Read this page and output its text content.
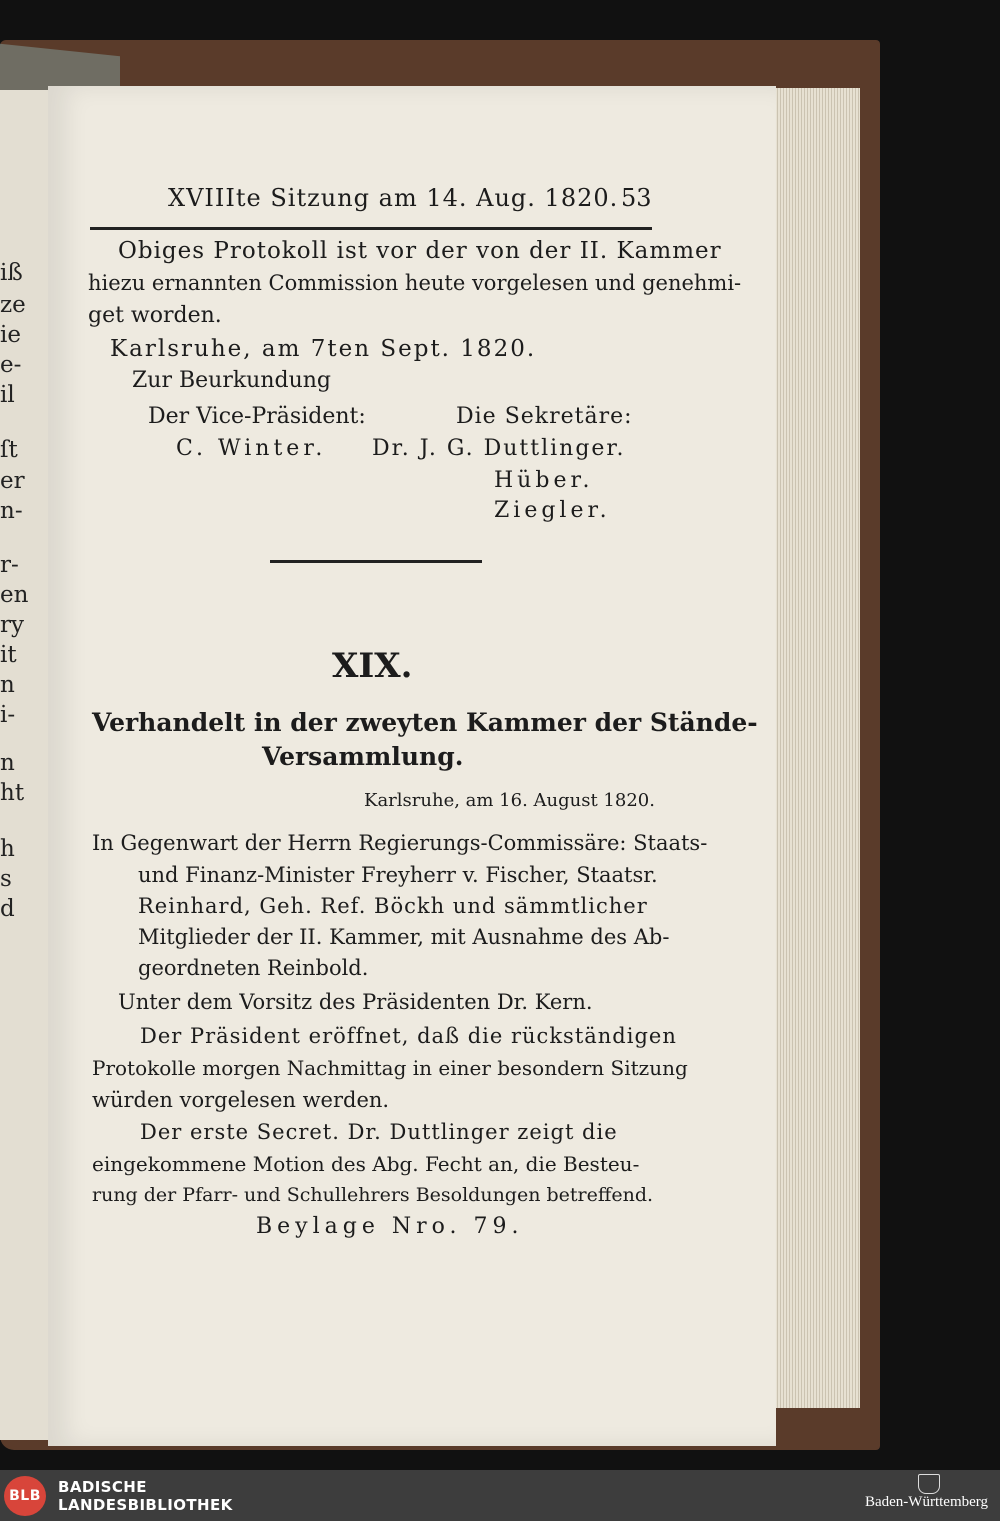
iß
ze
ie
e-
il
ſt
er
n-
r-
en
ry
it
n
i-
n
ht
h
s
d
XVIIIte Sitzung am 14. Aug. 1820. 53
Obiges Protokoll ist vor der von der II. Kammer
hiezu ernannten Commission heute vorgelesen und genehmi-
get worden.
Karlsruhe, am 7ten Sept. 1820.
Zur Beurkundung
Der Vice-Präsident:	Die Sekretäre:
C. Winter. Dr. J. G. Duttlinger.
Hüber.
Ziegler.
XIX.
Verhandelt in der zweyten Kammer der Stände-
Versammlung.
Karlsruhe, am 16. August 1820.
In Gegenwart der Herrn Regierungs-Commissäre: Staats-
und Finanz-Minister Freyherr v. Fischer, Staatsr.
Reinhard, Geh. Ref. Böckh und sämmtlicher
Mitglieder der II. Kammer, mit Ausnahme des Ab-
geordneten Reinbold.
Unter dem Vorsitz des Präsidenten Dr. Kern.
Der Präsident eröffnet, daß die rückständigen
Protokolle morgen Nachmittag in einer besondern Sitzung
würden vorgelesen werden.
Der erste Secret. Dr. Duttlinger zeigt die
eingekommene Motion des Abg. Fecht an, die Besteu-
rung der Pfarr- und Schullehrers Besoldungen betreffend.
Beylage Nro. 79.
BLB	BADISCHE
LANDESBIBLIOTHEK	Baden-Württemberg
